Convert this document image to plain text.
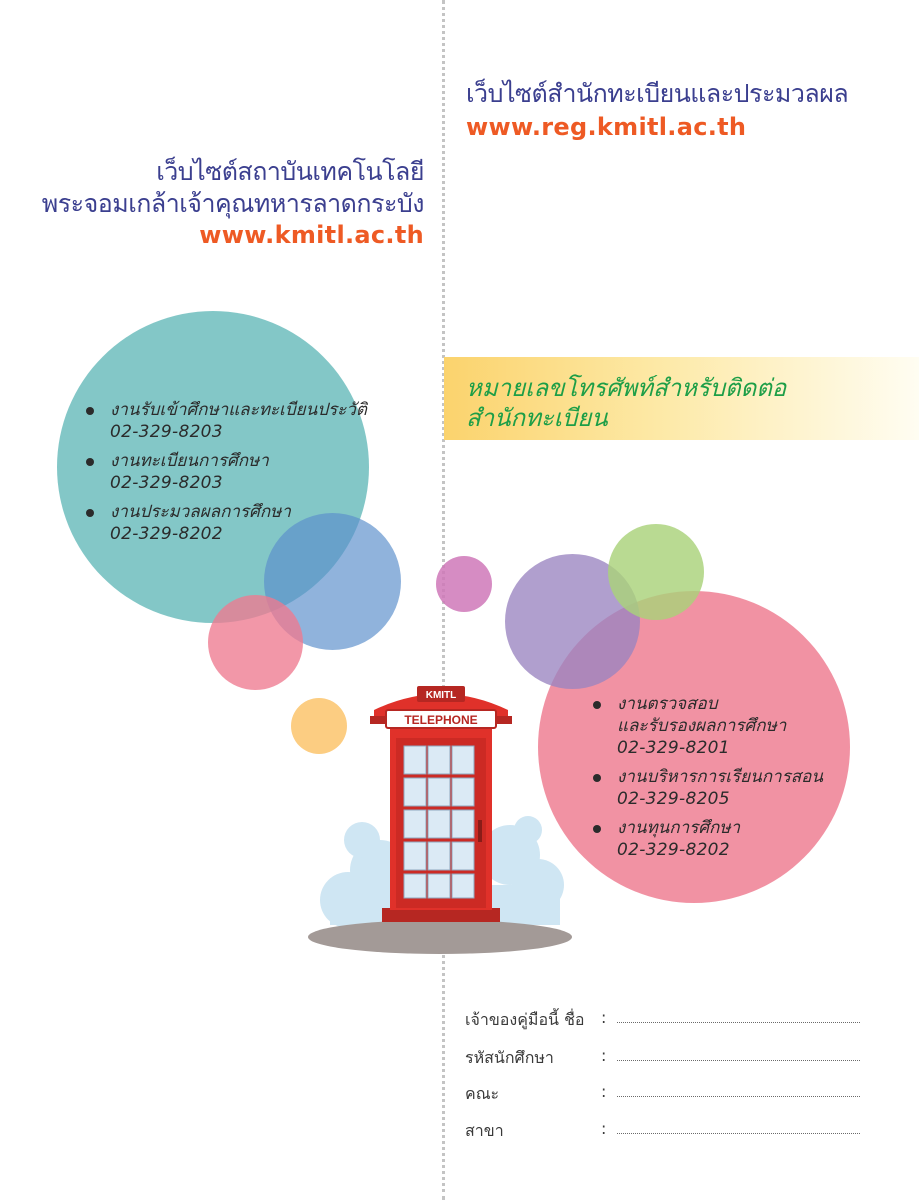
เว็บไซต์สำนักทะเบียนและประมวลผล
www.reg.kmitl.ac.th
เว็บไซต์สถาบันเทคโนโลยี
พระจอมเกล้าเจ้าคุณทหารลาดกระบัง
www.kmitl.ac.th
หมายเลขโทรศัพท์สำหรับติดต่อ
สำนักทะเบียน
งานรับเข้าศึกษาและทะเบียนประวัติ
02-329-8203
งานทะเบียนการศึกษา
02-329-8203
งานประมวลผลการศึกษา
02-329-8202
งานตรวจสอบ
และรับรองผลการศึกษา
02-329-8201
งานบริหารการเรียนการสอน
02-329-8205
งานทุนการศึกษา
02-329-8202
KMITL
TELEPHONE
เจ้าของคู่มือนี้ ชื่อ :
รหัสนักศึกษา	:
คณะ	:
สาขา	:
